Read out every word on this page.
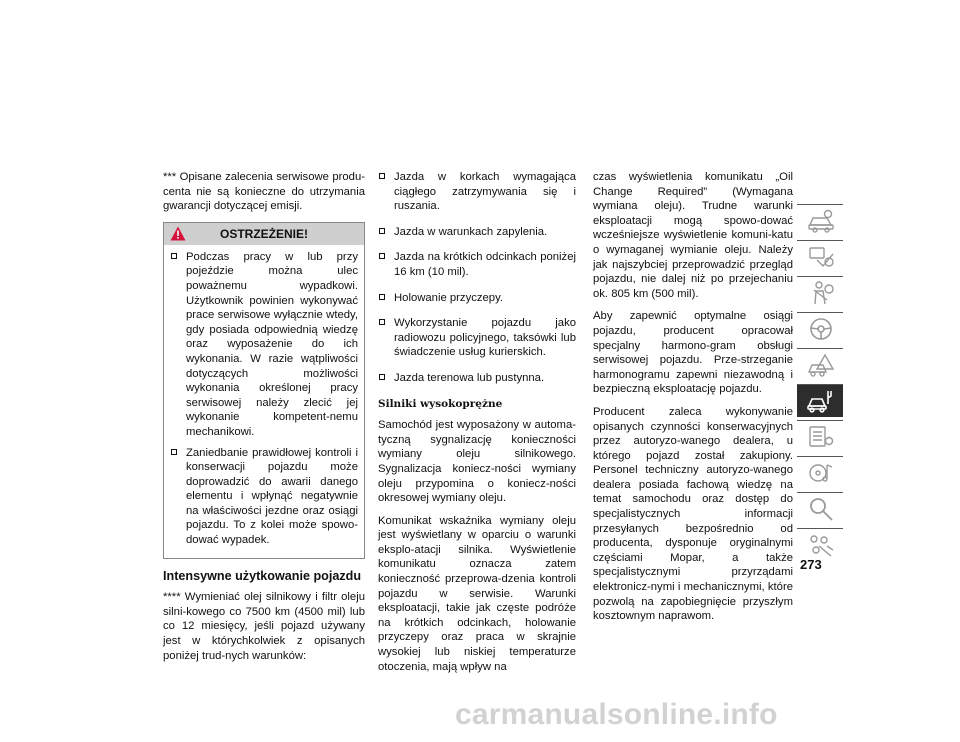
*** Opisane zalecenia serwisowe produ-centa nie są konieczne do utrzymania gwarancji dotyczącej emisji.

OSTRZEŻENIE!
Podczas pracy w lub przy pojeździe można ulec poważnemu wypadkowi. Użytkownik powinien wykonywać prace serwisowe wyłącznie wtedy, gdy posiada odpowiednią wiedzę oraz wyposażenie do ich wykonania. W razie wątpliwości dotyczących możliwości wykonania określonej pracy serwisowej należy zlecić jej wykonanie kompetent-nemu mechanikowi.
Zaniedbanie prawidłowej kontroli i konserwacji pojazdu może doprowadzić do awarii danego elementu i wpłynąć negatywnie na właściwości jezdne oraz osiągi pojazdu. To z kolei może spowo-dować wypadek.
Intensywne użytkowanie pojazdu

**** Wymieniać olej silnikowy i filtr oleju silni-kowego co 7500 km (4500 mil) lub co 12 miesięcy, jeśli pojazd używany jest w którychkolwiek z opisanych poniżej trud-nych warunków:

Jazda w korkach wymagająca ciągłego zatrzymywania się i ruszania.
Jazda w warunkach zapylenia.
Jazda na krótkich odcinkach poniżej 16 km (10 mil).
Holowanie przyczepy.
Wykorzystanie pojazdu jako radiowozu policyjnego, taksówki lub świadczenie usług kurierskich.
Jazda terenowa lub pustynna.
Silniki wysokoprężne

Samochód jest wyposażony w automa-tyczną sygnalizację konieczności wymiany oleju silnikowego. Sygnalizacja koniecz-ności wymiany oleju przypomina o koniecz-ności okresowej wymiany oleju.

Komunikat wskaźnika wymiany oleju jest wyświetlany w oparciu o warunki eksplo-atacji silnika. Wyświetlenie komunikatu oznacza zatem konieczność przeprowa-dzenia kontroli pojazdu w serwisie. Warunki eksploatacji, takie jak częste podróże na krótkich odcinkach, holowanie przyczepy oraz praca w skrajnie wysokiej lub niskiej temperaturze otoczenia, mają wpływ na

czas wyświetlenia komunikatu „Oil Change Required” (Wymagana wymiana oleju). Trudne warunki eksploatacji mogą spowo-dować wcześniejsze wyświetlenie komuni-katu o wymaganej wymianie oleju. Należy jak najszybciej przeprowadzić przegląd pojazdu, nie dalej niż po przejechaniu ok. 805 km (500 mil).

Aby zapewnić optymalne osiągi pojazdu, producent opracował specjalny harmono-gram obsługi serwisowej pojazdu. Prze-strzeganie harmonogramu zapewni niezawodną i bezpieczną eksploatację pojazdu.

Producent zaleca wykonywanie opisanych czynności konserwacyjnych przez autoryzo-wanego dealera, u którego pojazd został zakupiony. Personel techniczny autoryzo-wanego dealera posiada fachową wiedzę na temat samochodu oraz dostęp do specjalistycznych informacji przesyłanych bezpośrednio od producenta, dysponuje oryginalnymi częściami Mopar, a także specjalistycznymi przyrządami elektronicz-nymi i mechanicznymi, które pozwolą na zapobiegnięcie przyszłym kosztownym naprawom.

273
carmanualsonline.info
